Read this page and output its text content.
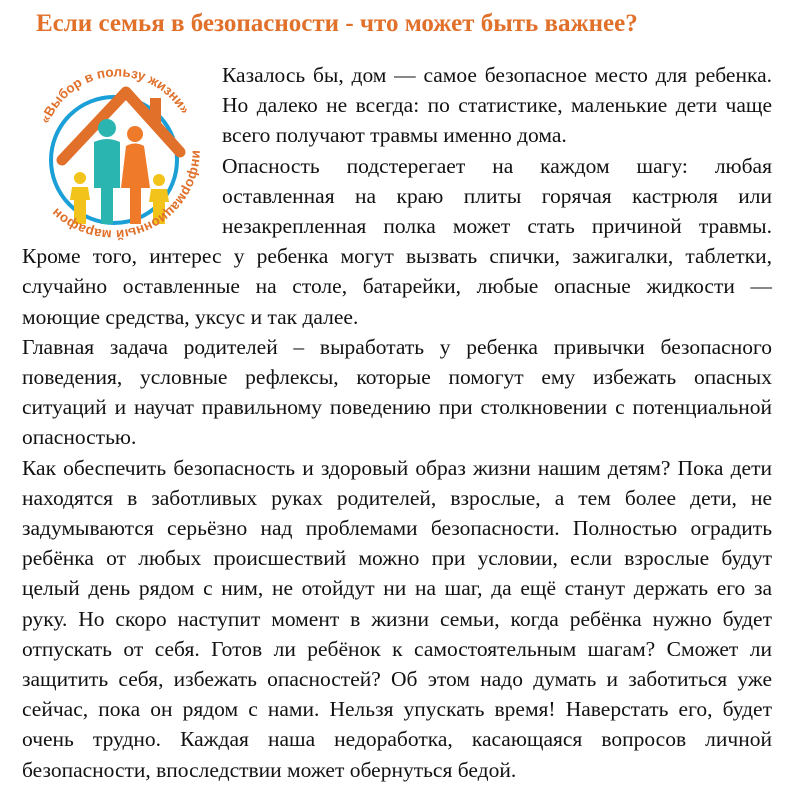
Если семья в безопасности - что может быть важнее?
«Выбор в пользу жизни»
информационный марафон

Казалось бы, дом — самое безопасное место для ребенка. Но далеко не всегда: по статистике, маленькие дети чаще всего получают травмы именно дома.

Опасность подстерегает на каждом шагу: любая оставленная на краю плиты горячая кастрюля или незакрепленная полка может стать причиной травмы. Кроме того, интерес у ребенка могут вызвать спички, зажигалки, таблетки, случайно оставленные на столе, батарейки, любые опасные жидкости — моющие средства, уксус и так далее.

Главная задача родителей – выработать у ребенка привычки безопасного поведения, условные рефлексы, которые помогут ему избежать опасных ситуаций и научат правильному поведению при столкновении с потенциальной опасностью.

Как обеспечить безопасность и здоровый образ жизни нашим детям? Пока дети находятся в заботливых руках родителей, взрослые, а тем более дети, не задумываются серьёзно над проблемами безопасности. Полностью оградить ребёнка от любых происшествий можно при условии, если взрослые будут целый день рядом с ним, не отойдут ни на шаг, да ещё станут держать его за руку. Но скоро наступит момент в жизни семьи, когда ребёнка нужно будет отпускать от себя. Готов ли ребёнок к самостоятельным шагам? Сможет ли защитить себя, избежать опасностей? Об этом надо думать и заботиться уже сейчас, пока он рядом с нами. Нельзя упускать время! Наверстать его, будет очень трудно. Каждая наша недоработка, касающаяся вопросов личной безопасности, впоследствии может обернуться бедой.
